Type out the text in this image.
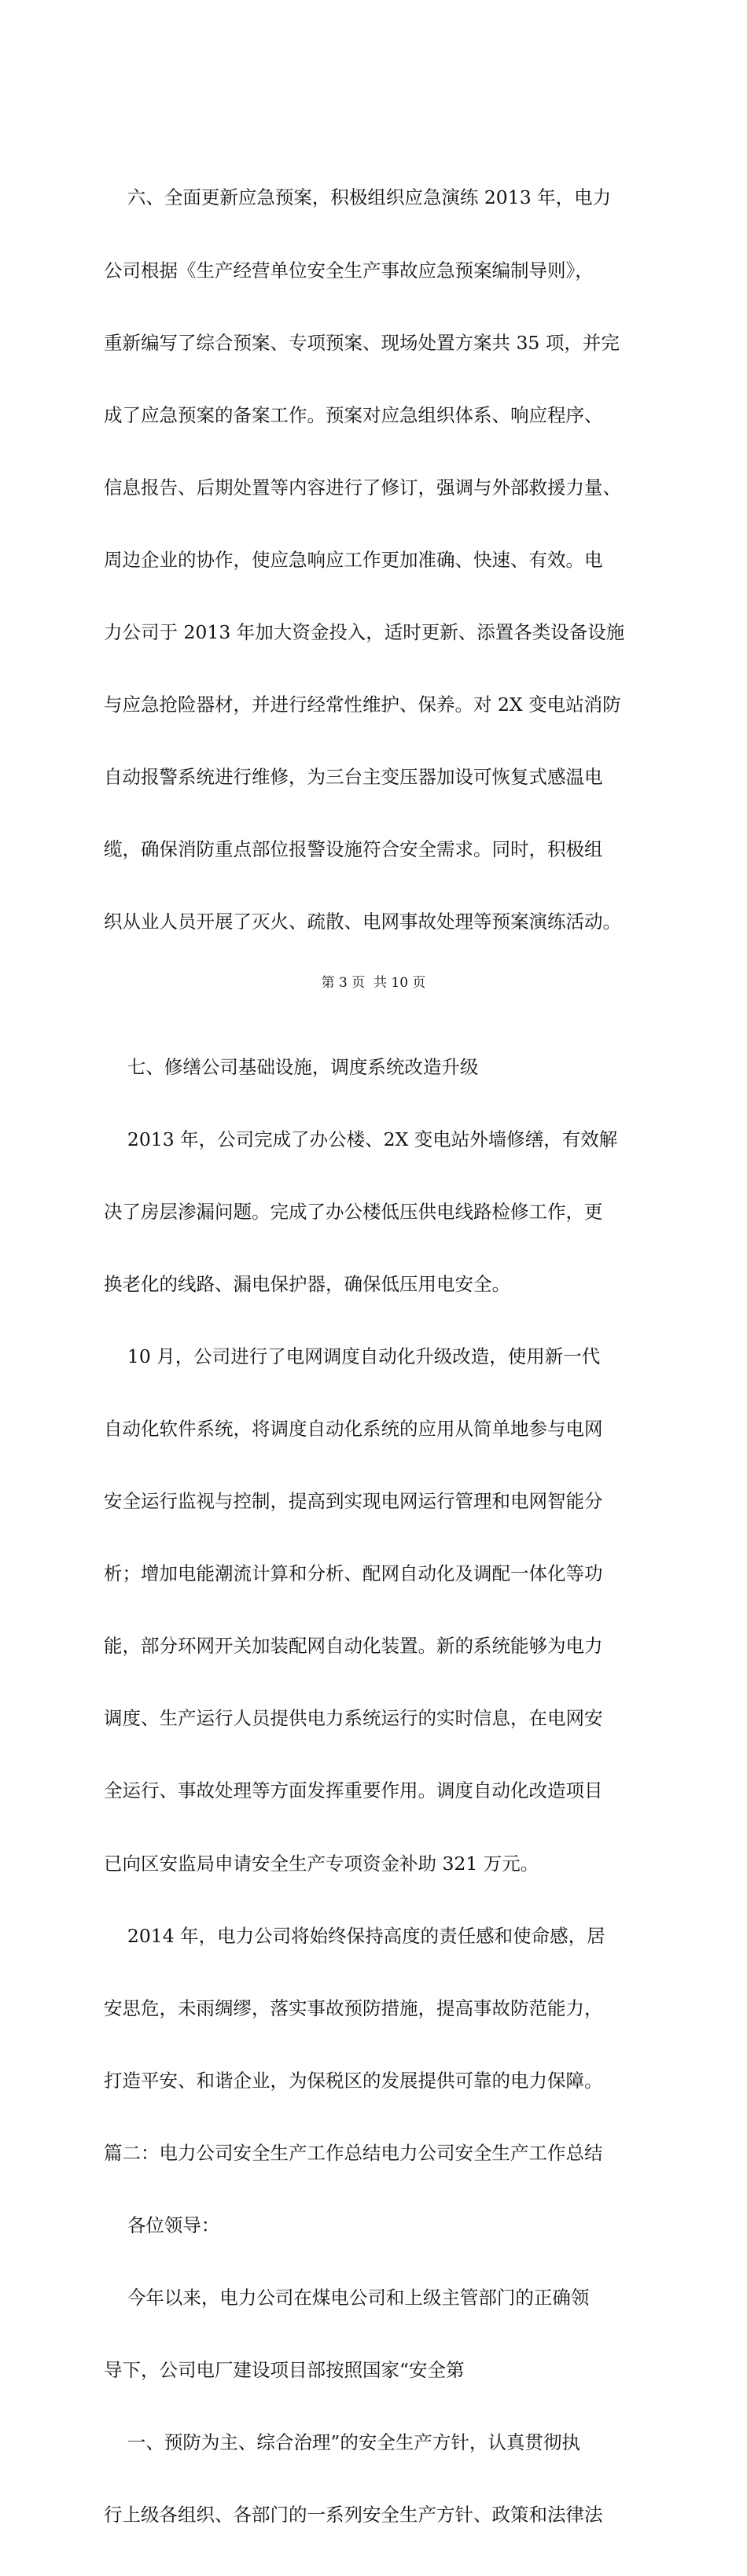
六、全面更新应急预案，积极组织应急演练 2013 年，电力

公司根据《生产经营单位安全生产事故应急预案编制导则》，

重新编写了综合预案、专项预案、现场处置方案共 35 项，并完

成了应急预案的备案工作。预案对应急组织体系、响应程序、

信息报告、后期处置等内容进行了修订，强调与外部救援力量、

周边企业的协作，使应急响应工作更加准确、快速、有效。电

力公司于 2013 年加大资金投入，适时更新、添置各类设备设施

与应急抢险器材，并进行经常性维护、保养。对 2X 变电站消防

自动报警系统进行维修，为三台主变压器加设可恢复式感温电

缆，确保消防重点部位报警设施符合安全需求。同时，积极组

织从业人员开展了灭火、疏散、电网事故处理等预案演练活动。

七、修缮公司基础设施，调度系统改造升级

2013 年，公司完成了办公楼、2X 变电站外墙修缮，有效解

决了房层渗漏问题。完成了办公楼低压供电线路检修工作，更

换老化的线路、漏电保护器，确保低压用电安全。

10 月，公司进行了电网调度自动化升级改造，使用新一代

自动化软件系统，将调度自动化系统的应用从简单地参与电网

安全运行监视与控制，提高到实现电网运行管理和电网智能分

析；增加电能潮流计算和分析、配网自动化及调配一体化等功

能，部分环网开关加装配网自动化装置。新的系统能够为电力

调度、生产运行人员提供电力系统运行的实时信息，在电网安

全运行、事故处理等方面发挥重要作用。调度自动化改造项目

已向区安监局申请安全生产专项资金补助 321 万元。

2014 年，电力公司将始终保持高度的责任感和使命感，居

安思危，未雨绸缪，落实事故预防措施，提高事故防范能力，

打造平安、和谐企业，为保税区的发展提供可靠的电力保障。

篇二：电力公司安全生产工作总结电力公司安全生产工作总结

各位领导：

今年以来，电力公司在煤电公司和上级主管部门的正确领

导下，公司电厂建设项目部按照国家“安全第

一、预防为主、综合治理”的安全生产方针，认真贯彻执

行上级各组织、各部门的一系列安全生产方针、政策和法律法

第 3 页  共 10 页
